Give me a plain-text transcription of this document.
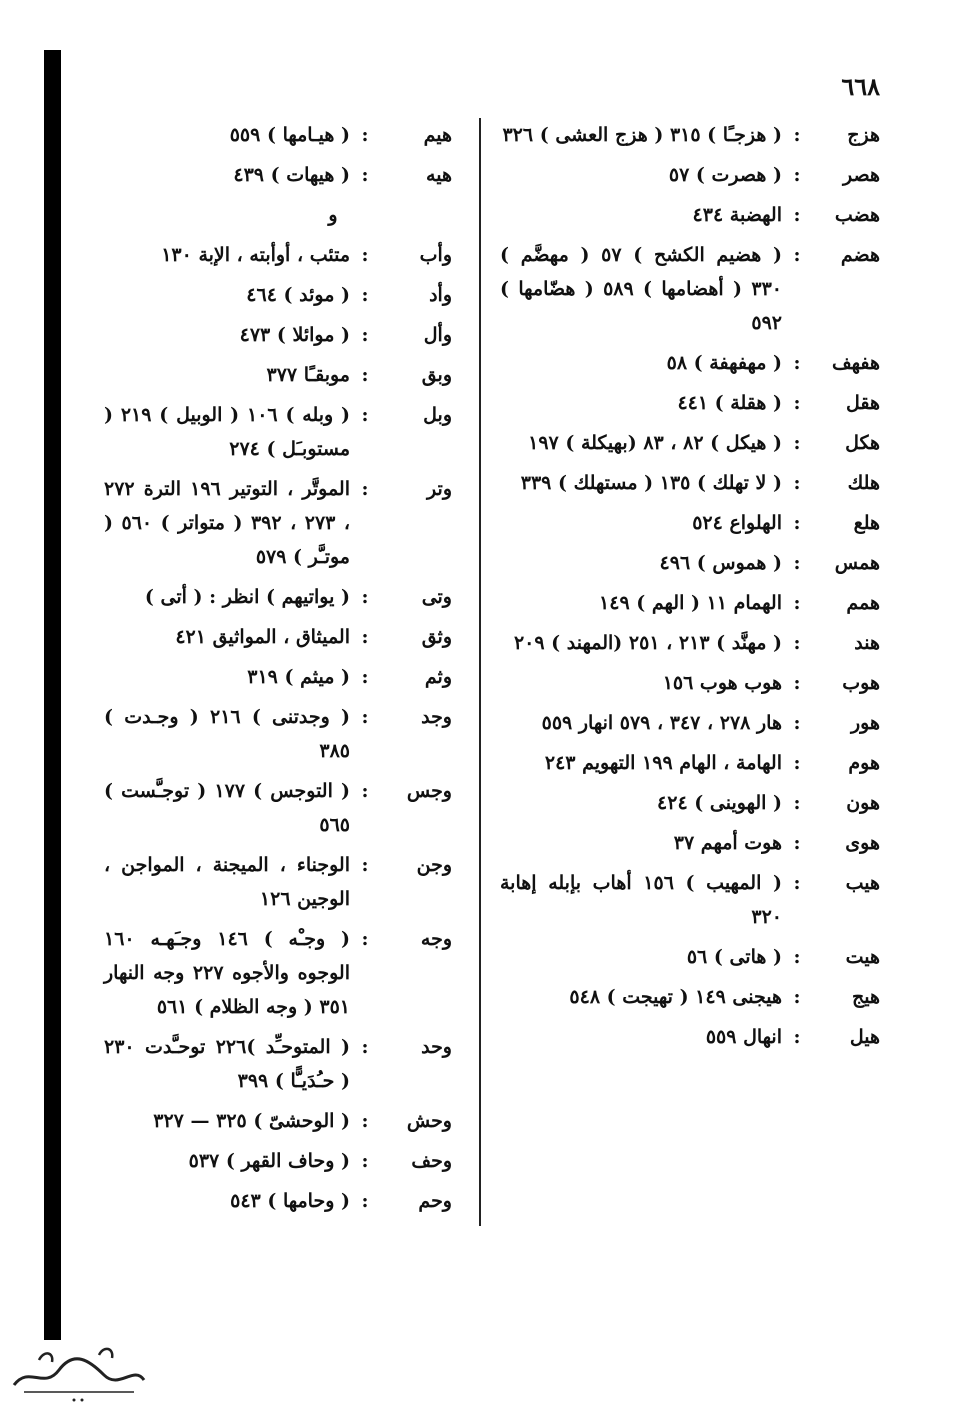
٦٦٨
هزج
:
( هزجـًا ) ٣١٥ ( هزج العشى ) ٣٢٦
هصر
:
( هصرت ) ٥٧
هضب
:
الهضبة ٤٣٤
هضم
:
( هضيم الكشح ) ٥٧ ( مهضَّم ) ٣٣٠ ( أهضامها ) ٥٨٩ ( هضّامها ) ٥٩٢
هفهف
:
( مهفهفة ) ٥٨
هقل
:
( هقلة ) ٤٤١
هكل
:
( هيكل ) ٨٢ ، ٨٣ (بهيكلة ) ١٩٧
هلك
:
( لا تهلك ) ١٣٥ ( مستهلك ) ٣٣٩
هلع
:
الهلواع ٥٢٤
همس
:
( هموس ) ٤٩٦
همم
:
الهمام ١١ ( الهم ) ١٤٩
هند
:
( مهنَّد ) ٢١٣ ، ٢٥١ (المهند ) ٢٠٩
هوب
:
هوب هوب ١٥٦
هور
:
هار ٢٧٨ ، ٣٤٧ ، ٥٧٩ انهار ٥٥٩
هوم
:
الهامة ، الهام ١٩٩ التهويم ٢٤٣
هون
:
( الهوينى ) ٤٢٤
هوى
:
هوت أمهم ٣٧
هيب
:
( المهيب ) ١٥٦ أهاب بإبله إهابة ٣٢٠
هيت
:
( هاتى ) ٥٦
هيج
:
هيجنى ١٤٩ ( تهيجت ) ٥٤٨
هيل
:
انهال ٥٥٩
هيم
:
( هيـامها ) ٥٥٩
هيه
:
( هيهات ) ٤٣٩
و
وأب
:
متئب ، أوأبته ، الإبة ١٣٠
وأد
:
( موئد ) ٤٦٤
وأل
:
( موائلا ) ٤٧٣
وبق
:
موبقـًا ٣٧٧
وبل
:
( وبله ) ١٠٦ ( الوبيل ) ٢١٩ ( مستوبـَل ) ٢٧٤
وتر
:
الموتَّر ، التوتير ١٩٦ الترة ٢٧٢ ، ٢٧٣ ، ٣٩٢ ( متواتر ) ٥٦٠ ( موتـَّر ) ٥٧٩
وتى
:
( يواتيهم ) انظر : ( أتى )
وثق
:
الميثاق ، المواثيق ٤٢١
وثم
:
( ميثم ) ٣١٩
وجد
:
( وجدتنى ) ٢١٦ ( وجـدت ) ٣٨٥
وجس
:
( التوجس ) ١٧٧ ( توجـَّست ) ٥٦٥
وجن
:
الوجناء ، الميجنة ، المواجن ، الوجين ١٢٦
وجه
:
( وجـْه ) ١٤٦ وجـَهـه ١٦٠ الوجوه والأجوه ٢٢٧ وجه النهار ٣٥١ ( وجه الظلام ) ٥٦١
وحد
:
( المتوحـِّد )٢٢٦ توحـَّدت ٢٣٠ ( حـُدَيـًّا ) ٣٩٩
وحش
:
( الوحشىّ ) ٣٢٥ — ٣٢٧
وحف
:
( وحاف القهر ) ٥٣٧
وحم
:
( وحامها ) ٥٤٣
